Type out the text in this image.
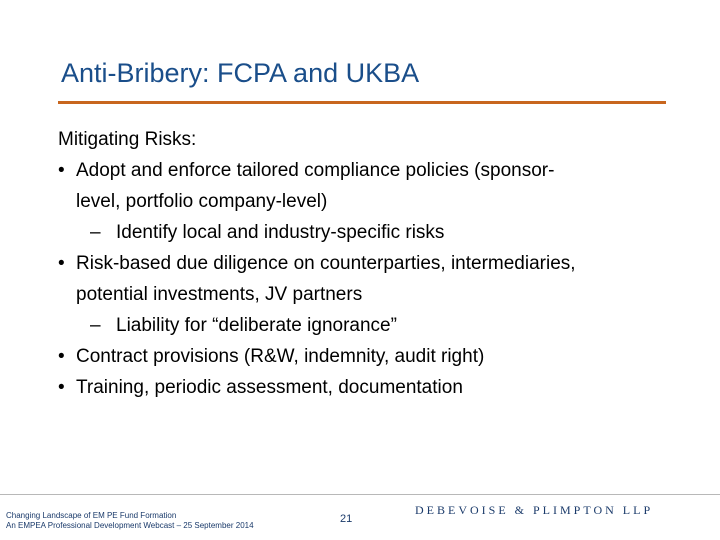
Anti-Bribery: FCPA and UKBA

Mitigating Risks:

• Adopt and enforce tailored compliance policies (sponsor-
level, portfolio company-level)

– Identify local and industry-specific risks

• Risk-based due diligence on counterparties, intermediaries,
potential investments, JV partners

– Liability for “deliberate ignorance”

• Contract provisions (R&W, indemnity, audit right)

• Training, periodic assessment, documentation

Changing Landscape of EM PE Fund Formation
An EMPEA Professional Development Webcast – 25 September 2014
21
DEBEVOISE & PLIMPTON LLP
